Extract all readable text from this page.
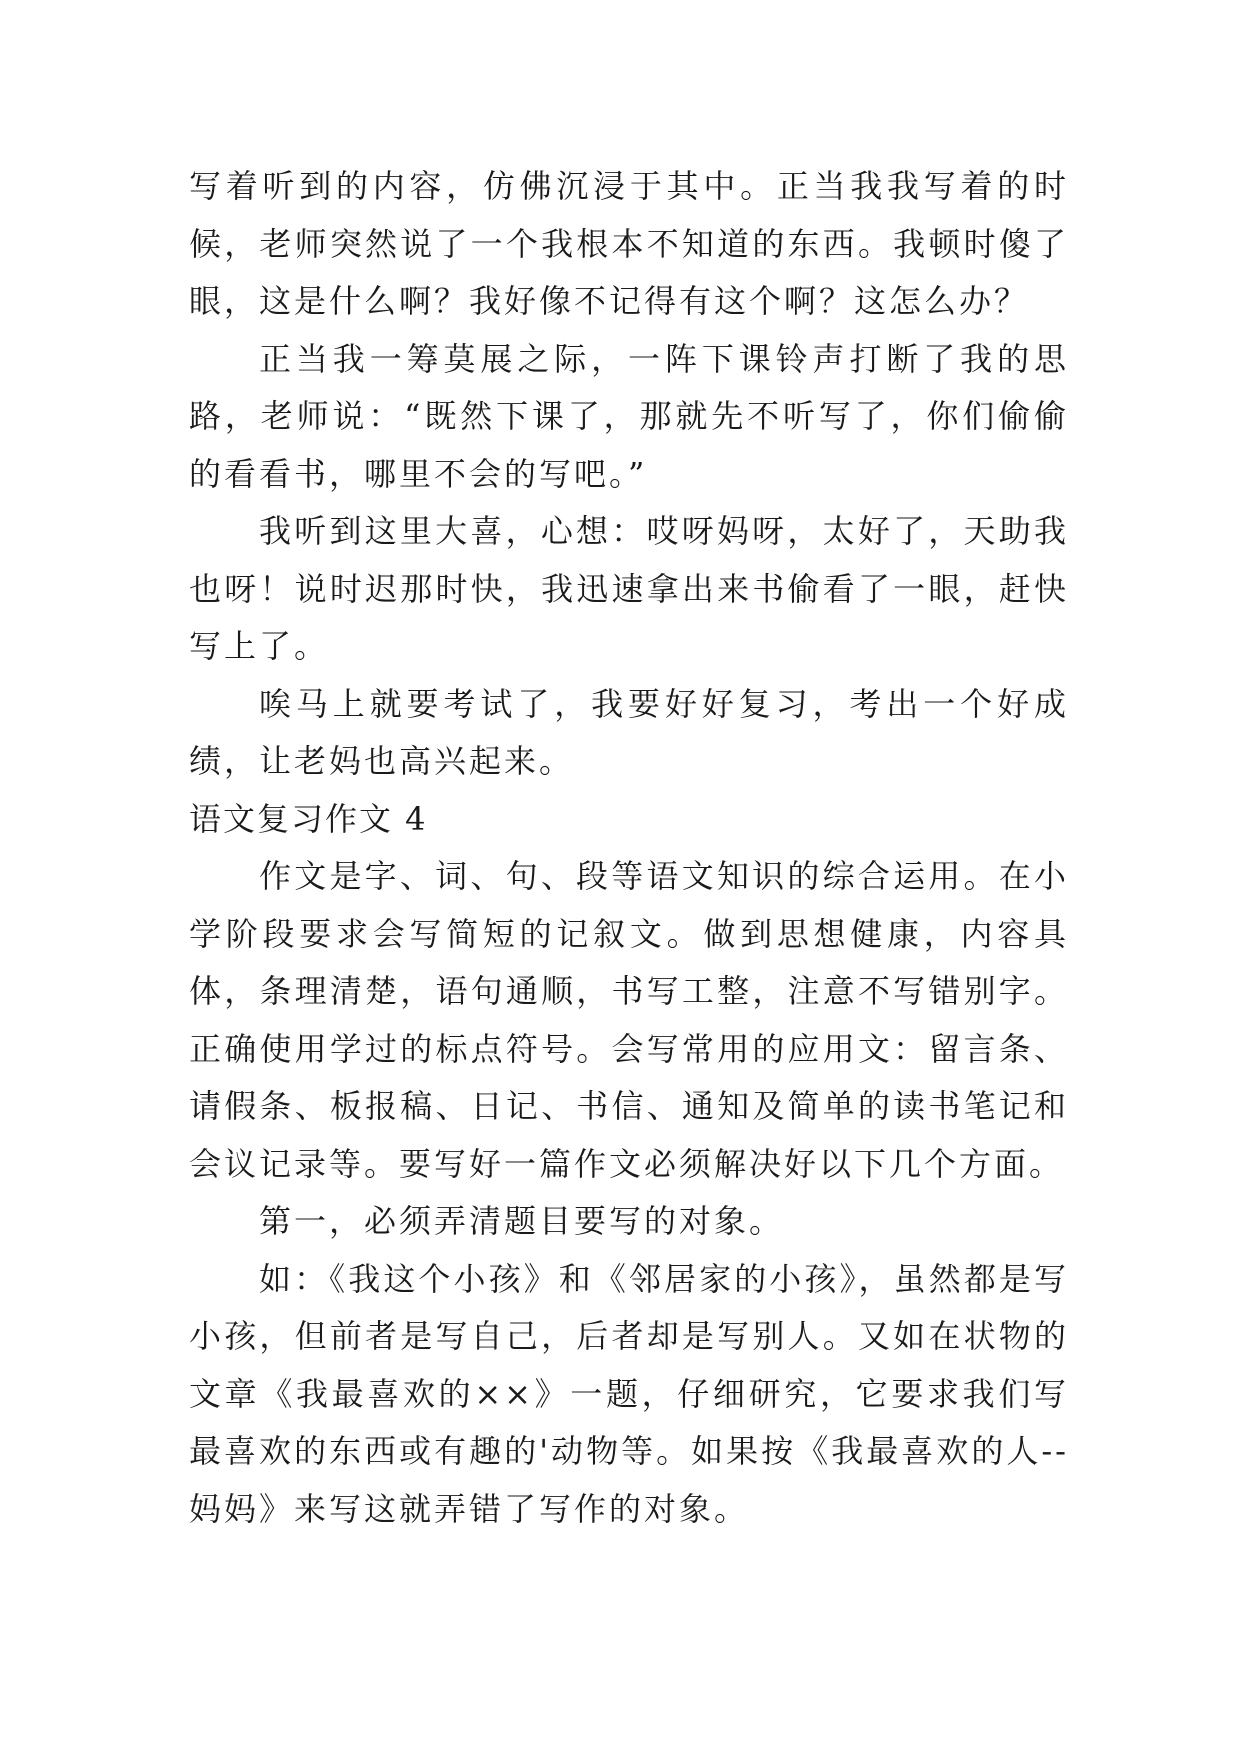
写着听到的内容，仿佛沉浸于其中。正当我我写着的时候，老师突然说了一个我根本不知道的东西。我顿时傻了眼，这是什么啊？我好像不记得有这个啊？这怎么办？

正当我一筹莫展之际，一阵下课铃声打断了我的思路，老师说：“既然下课了，那就先不听写了，你们偷偷的看看书，哪里不会的写吧。”

我听到这里大喜，心想：哎呀妈呀，太好了，天助我也呀！说时迟那时快，我迅速拿出来书偷看了一眼，赶快写上了。

唉马上就要考试了，我要好好复习，考出一个好成绩，让老妈也高兴起来。

语文复习作文 4

作文是字、词、句、段等语文知识的综合运用。在小学阶段要求会写简短的记叙文。做到思想健康，内容具体，条理清楚，语句通顺，书写工整，注意不写错别字。正确使用学过的标点符号。会写常用的应用文：留言条、请假条、板报稿、日记、书信、通知及简单的读书笔记和会议记录等。要写好一篇作文必须解决好以下几个方面。

第一，必须弄清题目要写的对象。

如：《我这个小孩》和《邻居家的小孩》，虽然都是写小孩，但前者是写自己，后者却是写别人。又如在状物的文章《我最喜欢的××》一题，仔细研究，它要求我们写最喜欢的东西或有趣的'动物等。如果按《我最喜欢的人--妈妈》来写这就弄错了写作的对象。
